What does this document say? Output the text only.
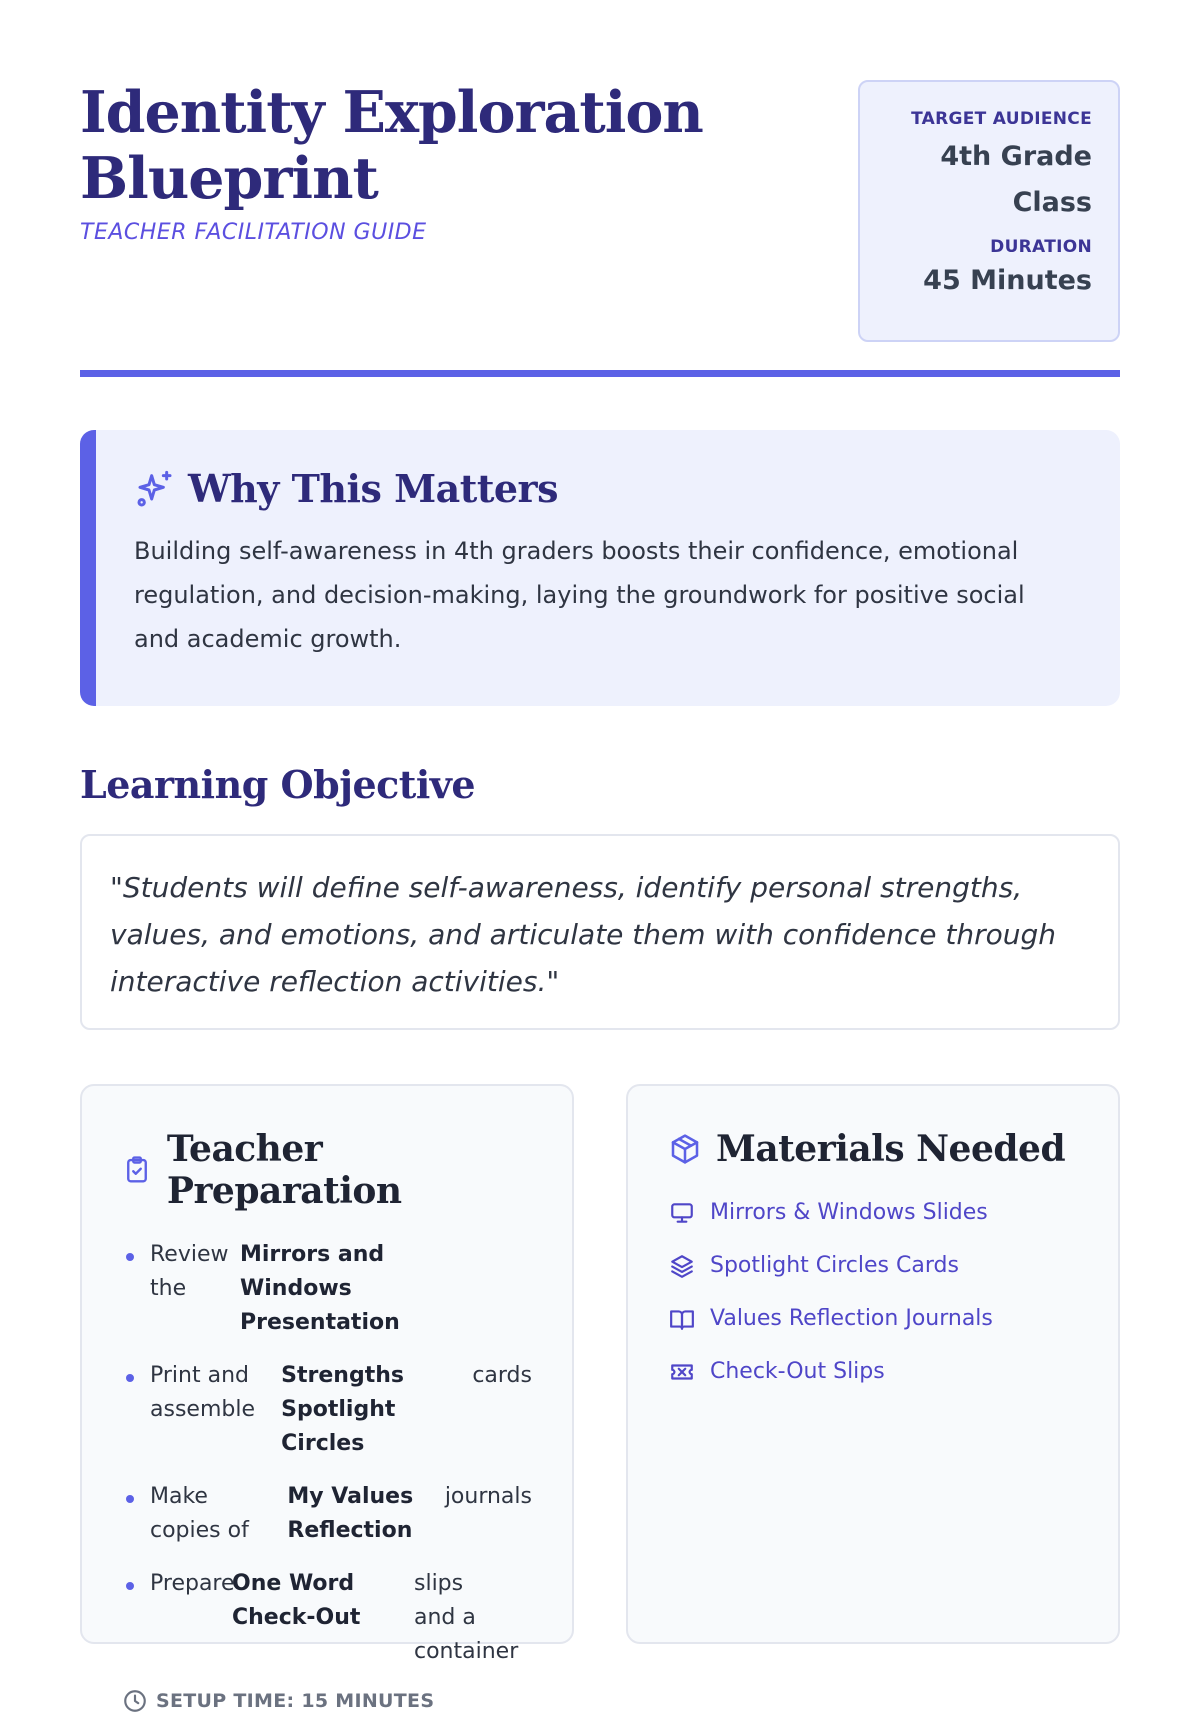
Identity Exploration Blueprint

TEACHER FACILITATION GUIDE

TARGET AUDIENCE
4th Grade Class
DURATION
45 Minutes
Why This Matters

Building self-awareness in 4th graders boosts their confidence, emotional regulation, and decision-making, laying the groundwork for positive social and academic growth.

Learning Objective

"Students will define self-awareness, identify personal strengths, values, and emotions, and articulate them with confidence through interactive reflection activities."

Teacher Preparation
Review the
Mirrors and Windows Presentation
Print and assemble
Strengths Spotlight Circles
cards
Make copies of
My Values Reflection
journals
Prepare
One Word Check-Out
slips and a container
SETUP TIME: 15 MINUTES
Materials Needed
Mirrors & Windows Slides
Spotlight Circles Cards
Values Reflection Journals
Check-Out Slips
